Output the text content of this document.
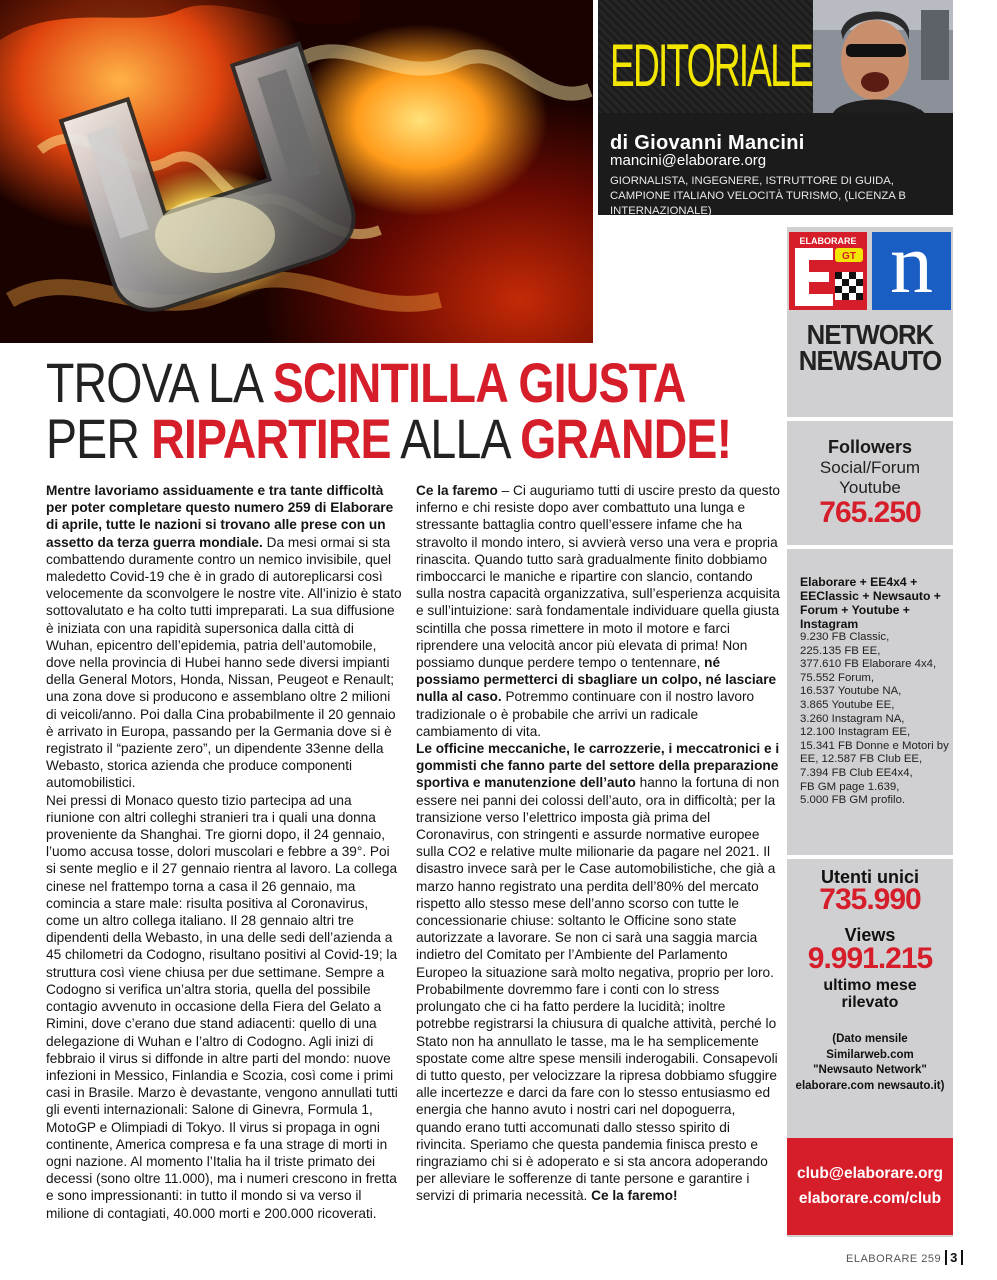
EDITORIALE
di Giovanni Mancini
mancini@elaborare.org
GIORNALISTA, INGEGNERE, ISTRUTTORE DI GUIDA, CAMPIONE ITALIANO VELOCITÀ TURISMO, (LICENZA B INTERNAZIONALE)
ELABORARE
GT n
NETWORK
NEWSAUTO
Followers
Social/Forum
Youtube
765.250
Elaborare + EE4x4 + EEClassic + Newsauto + Forum + Youtube + Instagram
9.230 FB Classic,
225.135 FB EE,
377.610 FB Elaborare 4x4,
75.552 Forum,
16.537 Youtube NA,
3.865 Youtube EE,
3.260 Instagram NA,
12.100 Instagram EE,
15.341 FB Donne e Motori by EE, 12.587 FB Club EE,
7.394 FB Club EE4x4,
FB GM page 1.639,
5.000 FB GM profilo.
Utenti unici
735.990
Views
9.991.215
ultimo mese
rilevato
(Dato mensile
Similarweb.com
"Newsauto Network"
elaborare.com newsauto.it)
club@elaborare.org
elaborare.com/club
TROVA LA SCINTILLA GIUSTA
PER RIPARTIRE ALLA GRANDE!

Mentre lavoriamo assiduamente e tra tante difficoltà per poter completare questo numero 259 di Elaborare di aprile, tutte le nazioni si trovano alle prese con un assetto da terza guerra mondiale. Da mesi ormai si sta combattendo duramente contro un nemico invisibile, quel maledetto Covid-19 che è in grado di autoreplicarsi così velocemente da sconvolgere le nostre vite. All’inizio è stato sottovalutato e ha colto tutti impreparati. La sua diffusione è iniziata con una rapidità supersonica dalla città di Wuhan, epicentro dell’epidemia, patria dell’automobile, dove nella provincia di Hubei hanno sede diversi impianti della General Motors, Honda, Nissan, Peugeot e Renault; una zona dove si producono e assemblano oltre 2 milioni di veicoli/anno. Poi dalla Cina probabilmente il 20 gennaio è arrivato in Europa, passando per la Germania dove si è registrato il “paziente zero”, un dipendente 33enne della Webasto, storica azienda che produce componenti automobilistici.

Nei pressi di Monaco questo tizio partecipa ad una riunione con altri colleghi stranieri tra i quali una donna proveniente da Shanghai. Tre giorni dopo, il 24 gennaio, l’uomo accusa tosse, dolori muscolari e febbre a 39°. Poi si sente meglio e il 27 gennaio rientra al lavoro. La collega cinese nel frattempo torna a casa il 26 gennaio, ma comincia a stare male: risulta positiva al Coronavirus, come un altro collega italiano. Il 28 gennaio altri tre dipendenti della Webasto, in una delle sedi dell’azienda a 45 chilometri da Codogno, risultano positivi al Covid-19; la struttura così viene chiusa per due settimane. Sempre a Codogno si verifica un’altra storia, quella del possibile contagio avvenuto in occasione della Fiera del Gelato a Rimini, dove c’erano due stand adiacenti: quello di una delegazione di Wuhan e l’altro di Codogno. Agli inizi di febbraio il virus si diffonde in altre parti del mondo: nuove infezioni in Messico, Finlandia e Scozia, così come i primi casi in Brasile. Marzo è devastante, vengono annullati tutti gli eventi internazionali: Salone di Ginevra, Formula 1, MotoGP e Olimpiadi di Tokyo. Il virus si propaga in ogni continente, America compresa e fa una strage di morti in ogni nazione. Al momento l’Italia ha il triste primato dei decessi (sono oltre 11.000), ma i numeri crescono in fretta e sono impressionanti: in tutto il mondo si va verso il milione di contagiati, 40.000 morti e 200.000 ricoverati.

Ce la faremo – Ci auguriamo tutti di uscire presto da questo inferno e chi resiste dopo aver combattuto una lunga e stressante battaglia contro quell’essere infame che ha stravolto il mondo intero, si avvierà verso una vera e propria rinascita. Quando tutto sarà gradualmente finito dobbiamo rimboccarci le maniche e ripartire con slancio, contando sulla nostra capacità organizzativa, sull’esperienza acquisita e sull’intuizione: sarà fondamentale individuare quella giusta scintilla che possa rimettere in moto il motore e farci riprendere una velocità ancor più elevata di prima! Non possiamo dunque perdere tempo o tentennare, né possiamo permetterci di sbagliare un colpo, né lasciare nulla al caso. Potremmo continuare con il nostro lavoro tradizionale o è probabile che arrivi un radicale cambiamento di vita.

Le officine meccaniche, le carrozzerie, i meccatronici e i gommisti che fanno parte del settore della preparazione sportiva e manutenzione dell’auto hanno la fortuna di non essere nei panni dei colossi dell’auto, ora in difficoltà; per la transizione verso l’elettrico imposta già prima del Coronavirus, con stringenti e assurde normative europee sulla CO2 e relative multe milionarie da pagare nel 2021. Il disastro invece sarà per le Case automobilistiche, che già a marzo hanno registrato una perdita dell’80% del mercato rispetto allo stesso mese dell’anno scorso con tutte le concessionarie chiuse: soltanto le Officine sono state autorizzate a lavorare. Se non ci sarà una saggia marcia indietro del Comitato per l’Ambiente del Parlamento Europeo la situazione sarà molto negativa, proprio per loro. Probabilmente dovremmo fare i conti con lo stress prolungato che ci ha fatto perdere la lucidità; inoltre potrebbe registrarsi la chiusura di qualche attività, perché lo Stato non ha annullato le tasse, ma le ha semplicemente spostate come altre spese mensili inderogabili. Consapevoli di tutto questo, per velocizzare la ripresa dobbiamo sfuggire alle incertezze e darci da fare con lo stesso entusiasmo ed energia che hanno avuto i nostri cari nel dopoguerra, quando erano tutti accomunati dallo stesso spirito di rivincita. Speriamo che questa pandemia finisca presto e ringraziamo chi si è adoperato e si sta ancora adoperando per alleviare le sofferenze di tante persone e garantire i servizi di primaria necessità. Ce la faremo!

ELABORARE 259 3
